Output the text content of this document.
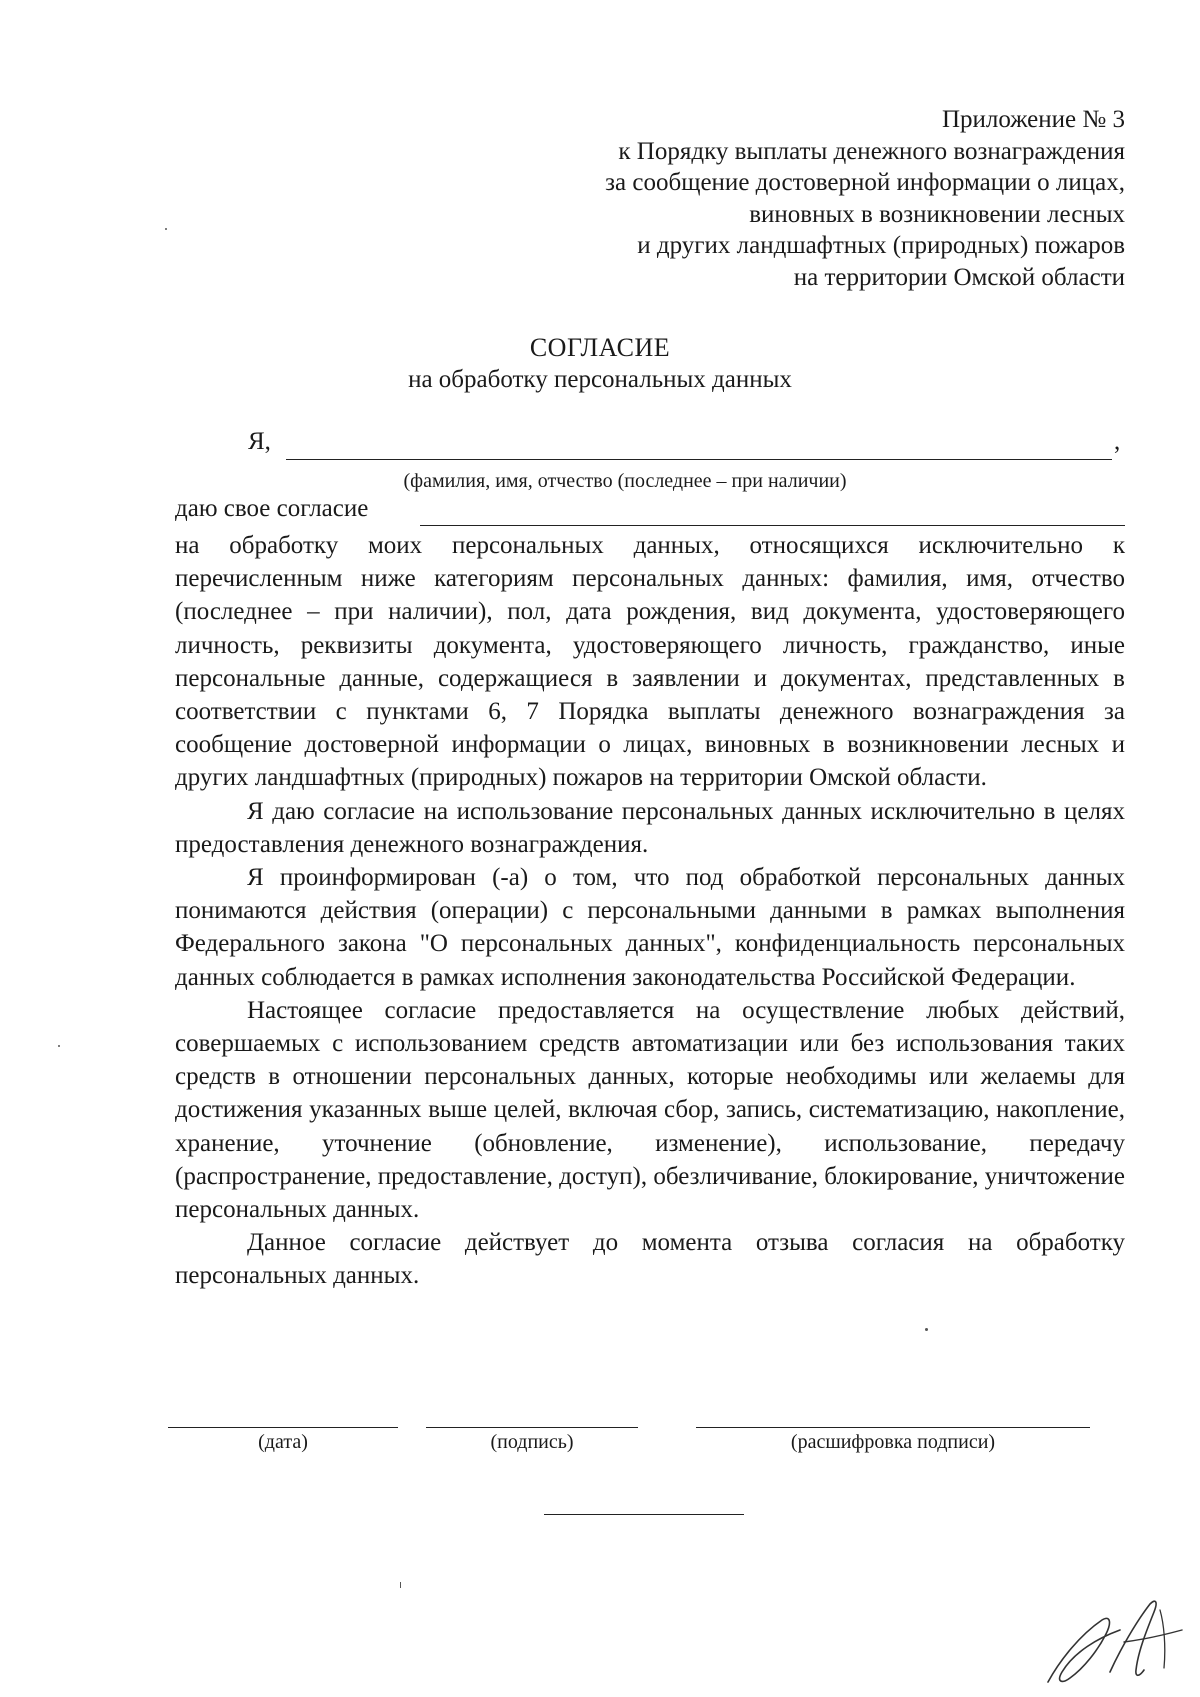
Приложение № 3
к Порядку выплаты денежного вознаграждения
за сообщение достоверной информации о лицах,
виновных в возникновении лесных
и других ландшафтных (природных) пожаров
на территории Омской области
СОГЛАСИЕ
на обработку персональных данных
Я,	,
(фамилия, имя, отчество (последнее – при наличии)
даю свое согласие

на обработку моих персональных данных, относящихся исключительно к перечисленным ниже категориям персональных данных: фамилия, имя, отчество (последнее – при наличии), пол, дата рождения, вид документа, удостоверяющего личность, реквизиты документа, удостоверяющего личность, гражданство, иные персональные данные, содержащиеся в заявлении и документах, представленных в соответствии с пунктами 6, 7 Порядка выплаты денежного вознаграждения за сообщение достоверной информации о лицах, виновных в возникновении лесных и других ландшафтных (природных) пожаров на территории Омской области.

Я даю согласие на использование персональных данных исключительно в целях предоставления денежного вознаграждения.

Я проинформирован (-а) о том, что под обработкой персональных данных понимаются действия (операции) с персональными данными в рамках выполнения Федерального закона "О персональных данных", конфиденциальность персональных данных соблюдается в рамках исполнения законодательства Российской Федерации.

Настоящее согласие предоставляется на осуществление любых действий, совершаемых с использованием средств автоматизации или без использования таких средств в отношении персональных данных, которые необходимы или желаемы для достижения указанных выше целей, включая сбор, запись, систематизацию, накопление, хранение, уточнение (обновление, изменение), использование, передачу (распространение, предоставление, доступ), обезличивание, блокирование, уничтожение персональных данных.

Данное согласие действует до момента отзыва согласия на обработку персональных данных.

(дата)	(подпись)	(расшифровка подписи)
